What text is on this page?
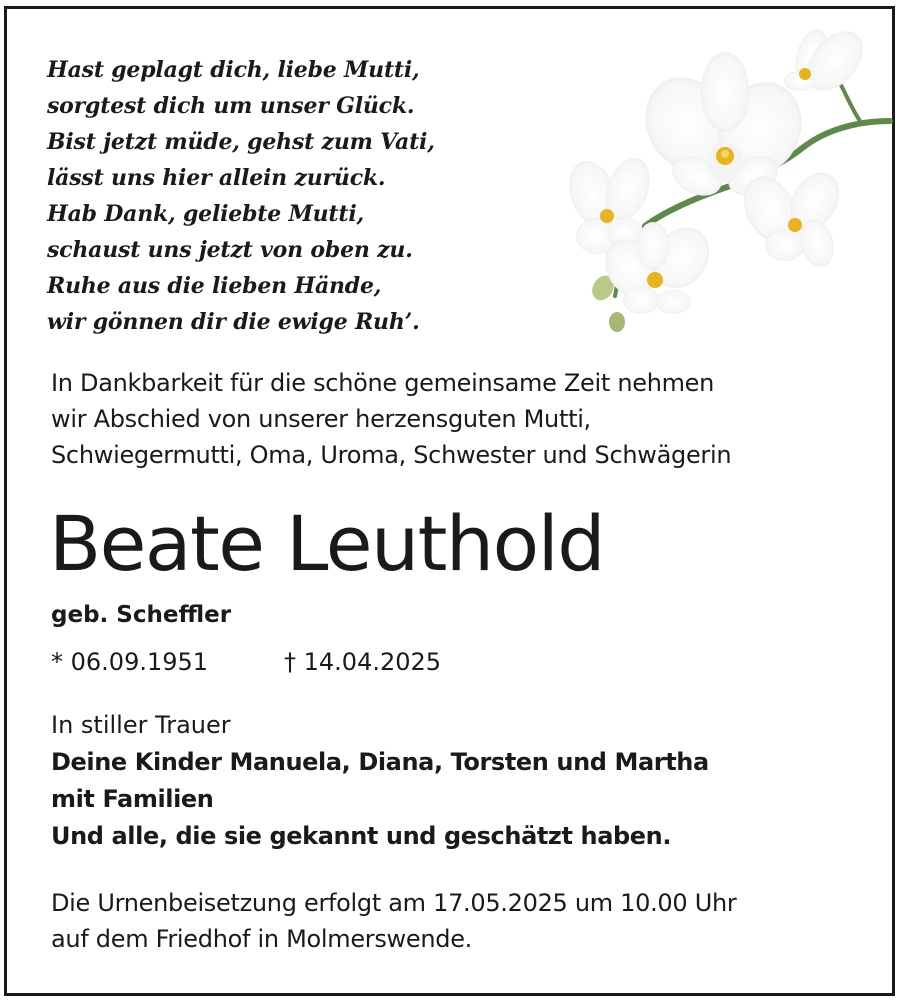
Hast geplagt dich, liebe Mutti,
sorgtest dich um unser Glück.
Bist jetzt müde, gehst zum Vati,
lässt uns hier allein zurück.
Hab Dank, geliebte Mutti,
schaust uns jetzt von oben zu.
Ruhe aus die lieben Hände,
wir gönnen dir die ewige Ruh’.
In Dankbarkeit für die schöne gemeinsame Zeit nehmen
wir Abschied von unserer herzensguten Mutti,
Schwiegermutti, Oma, Uroma, Schwester und Schwägerin
Beate Leuthold
geb. Scheffler
* 06.09.1951	† 14.04.2025
In stiller Trauer
Deine Kinder Manuela, Diana, Torsten und Martha
mit Familien
Und alle, die sie gekannt und geschätzt haben.
Die Urnenbeisetzung erfolgt am 17.05.2025 um 10.00 Uhr
auf dem Friedhof in Molmerswende.
